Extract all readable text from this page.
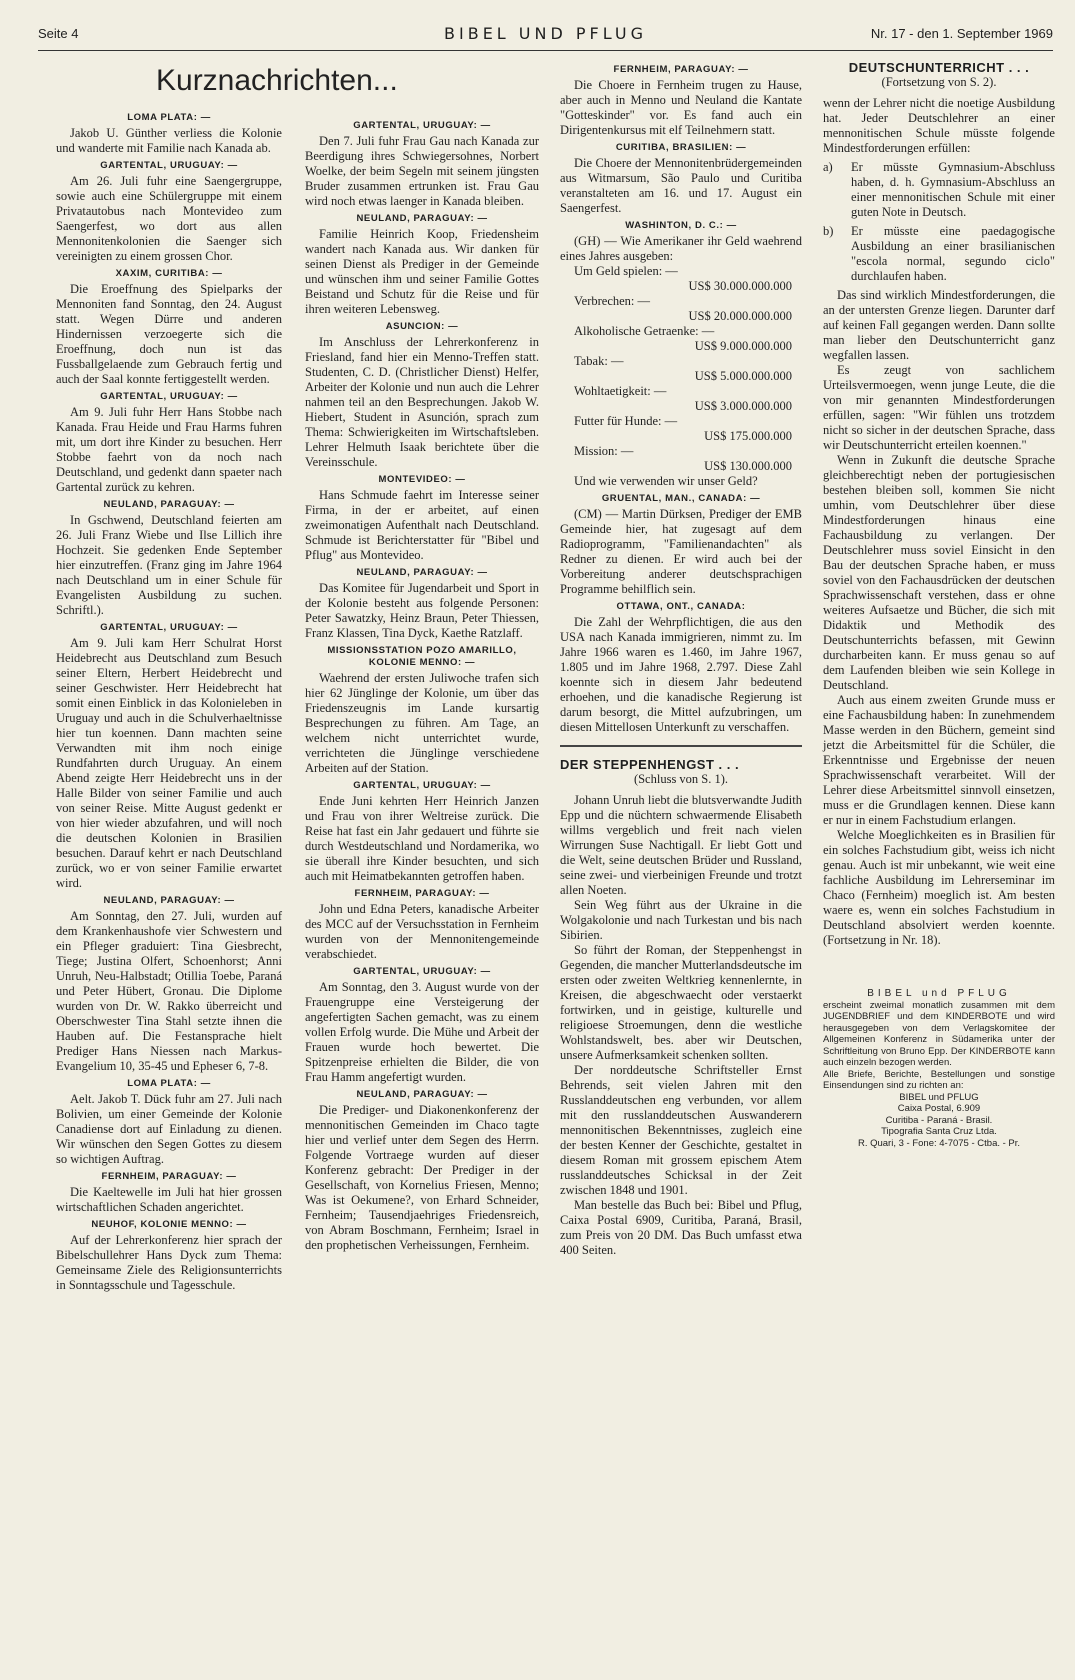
Seite 4	BIBEL UND PFLUG	Nr. 17 - den 1. September 1969
Kurznachrichten...
LOMA PLATA: —

Jakob U. Günther verliess die Kolonie und wanderte mit Familie nach Kanada ab.

GARTENTAL, URUGUAY: —

Am 26. Juli fuhr eine Saengergruppe, sowie auch eine Schülergruppe mit einem Privatautobus nach Montevideo zum Saengerfest, wo dort aus allen Mennonitenkolonien die Saenger sich vereinigten zu einem grossen Chor.

XAXIM, CURITIBA: —

Die Eroeffnung des Spielparks der Mennoniten fand Sonntag, den 24. August statt. Wegen Dürre und anderen Hindernissen verzoegerte sich die Eroeffnung, doch nun ist das Fussballgelaende zum Gebrauch fertig und auch der Saal konnte fertiggestellt werden.

GARTENTAL, URUGUAY: —

Am 9. Juli fuhr Herr Hans Stobbe nach Kanada. Frau Heide und Frau Harms fuhren mit, um dort ihre Kinder zu besuchen. Herr Stobbe faehrt von da noch nach Deutschland, und gedenkt dann spaeter nach Gartental zurück zu kehren.

NEULAND, PARAGUAY: —

In Gschwend, Deutschland feierten am 26. Juli Franz Wiebe und Ilse Lillich ihre Hochzeit. Sie gedenken Ende September hier einzutreffen. (Franz ging im Jahre 1964 nach Deutschland um in einer Schule für Evangelisten Ausbildung zu suchen. Schriftl.).

GARTENTAL, URUGUAY: —

Am 9. Juli kam Herr Schulrat Horst Heidebrecht aus Deutschland zum Besuch seiner Eltern, Herbert Heidebrecht und seiner Geschwister. Herr Heidebrecht hat somit einen Einblick in das Kolonieleben in Uruguay und auch in die Schulverhaeltnisse hier tun koennen. Dann machten seine Verwandten mit ihm noch einige Rundfahrten durch Uruguay. An einem Abend zeigte Herr Heidebrecht uns in der Halle Bilder von seiner Familie und auch von seiner Reise. Mitte August gedenkt er von hier wieder abzufahren, und will noch die deutschen Kolonien in Brasilien besuchen. Darauf kehrt er nach Deutschland zurück, wo er von seiner Familie erwartet wird.

NEULAND, PARAGUAY: —

Am Sonntag, den 27. Juli, wurden auf dem Krankenhaushofe vier Schwestern und ein Pfleger graduiert: Tina Giesbrecht, Tiege; Justina Olfert, Schoenhorst; Anni Unruh, Neu-Halbstadt; Otillia Toebe, Paraná und Peter Hübert, Gronau. Die Diplome wurden von Dr. W. Rakko überreicht und Oberschwester Tina Stahl setzte ihnen die Hauben auf. Die Festansprache hielt Prediger Hans Niessen nach Markus-Evangelium 10, 35-45 und Epheser 6, 7-8.

LOMA PLATA: —

Aelt. Jakob T. Dück fuhr am 27. Juli nach Bolivien, um einer Gemeinde der Kolonie Canadiense dort auf Einladung zu dienen. Wir wünschen den Segen Gottes zu diesem so wichtigen Auftrag.

FERNHEIM, PARAGUAY: —

Die Kaeltewelle im Juli hat hier grossen wirtschaftlichen Schaden angerichtet.

NEUHOF, KOLONIE MENNO: —

Auf der Lehrerkonferenz hier sprach der Bibelschullehrer Hans Dyck zum Thema: Gemeinsame Ziele des Religionsunterrichts in Sonntagsschule und Tagesschule.

GARTENTAL, URUGUAY: —

Den 7. Juli fuhr Frau Gau nach Kanada zur Beerdigung ihres Schwiegersohnes, Norbert Woelke, der beim Segeln mit seinem jüngsten Bruder zusammen ertrunken ist. Frau Gau wird noch etwas laenger in Kanada bleiben.

NEULAND, PARAGUAY: —

Familie Heinrich Koop, Friedensheim wandert nach Kanada aus. Wir danken für seinen Dienst als Prediger in der Gemeinde und wünschen ihm und seiner Familie Gottes Beistand und Schutz für die Reise und für ihren weiteren Lebensweg.

ASUNCION: —

Im Anschluss der Lehrerkonferenz in Friesland, fand hier ein Menno-Treffen statt. Studenten, C. D. (Christlicher Dienst) Helfer, Arbeiter der Kolonie und nun auch die Lehrer nahmen teil an den Besprechungen. Jakob W. Hiebert, Student in Asunción, sprach zum Thema: Schwierigkeiten im Wirtschaftsleben. Lehrer Helmuth Isaak berichtete über die Vereinsschule.

MONTEVIDEO: —

Hans Schmude faehrt im Interesse seiner Firma, in der er arbeitet, auf einen zweimonatigen Aufenthalt nach Deutschland. Schmude ist Berichterstatter für "Bibel und Pflug" aus Montevideo.

NEULAND, PARAGUAY: —

Das Komitee für Jugendarbeit und Sport in der Kolonie besteht aus folgende Personen: Peter Sawatzky, Heinz Braun, Peter Thiessen, Franz Klassen, Tina Dyck, Kaethe Ratzlaff.

MISSIONSSTATION POZO AMARILLO, KOLONIE MENNO: —

Waehrend der ersten Juliwoche trafen sich hier 62 Jünglinge der Kolonie, um über das Friedenszeugnis im Lande kursartig Besprechungen zu führen. Am Tage, an welchem nicht unterrichtet wurde, verrichteten die Jünglinge verschiedene Arbeiten auf der Station.

GARTENTAL, URUGUAY: —

Ende Juni kehrten Herr Heinrich Janzen und Frau von ihrer Weltreise zurück. Die Reise hat fast ein Jahr gedauert und führte sie durch Westdeutschland und Nordamerika, wo sie überall ihre Kinder besuchten, und sich auch mit Heimatbekannten getroffen haben.

FERNHEIM, PARAGUAY: —

John und Edna Peters, kanadische Arbeiter des MCC auf der Versuchsstation in Fernheim wurden von der Mennonitengemeinde verabschiedet.

GARTENTAL, URUGUAY: —

Am Sonntag, den 3. August wurde von der Frauengruppe eine Versteigerung der angefertigten Sachen gemacht, was zu einem vollen Erfolg wurde. Die Mühe und Arbeit der Frauen wurde hoch bewertet. Die Spitzenpreise erhielten die Bilder, die von Frau Hamm angefertigt wurden.

NEULAND, PARAGUAY: —

Die Prediger- und Diakonenkonferenz der mennonitischen Gemeinden im Chaco tagte hier und verlief unter dem Segen des Herrn. Folgende Vortraege wurden auf dieser Konferenz gebracht: Der Prediger in der Gesellschaft, von Kornelius Friesen, Menno; Was ist Oekumene?, von Erhard Schneider, Fernheim; Tausendjaehriges Friedensreich, von Abram Boschmann, Fernheim; Israel in den prophetischen Verheissungen, Fernheim.

FERNHEIM, PARAGUAY: —

Die Choere in Fernheim trugen zu Hause, aber auch in Menno und Neuland die Kantate "Gotteskinder" vor. Es fand auch ein Dirigentenkursus mit elf Teilnehmern statt.

CURITIBA, BRASILIEN: —

Die Choere der Mennonitenbrüdergemeinden aus Witmarsum, São Paulo und Curitiba veranstalteten am 16. und 17. August ein Saengerfest.

WASHINTON, D. C.: —

(GH) — Wie Amerikaner ihr Geld waehrend eines Jahres ausgeben:

Um Geld spielen: —
US$ 30.000.000.000
Verbrechen: —
US$ 20.000.000.000
Alkoholische Getraenke: —
US$ 9.000.000.000
Tabak: —
US$ 5.000.000.000
Wohltaetigkeit: —
US$ 3.000.000.000
Futter für Hunde: —
US$ 175.000.000
Mission: —
US$ 130.000.000

Und wie verwenden wir unser Geld?

GRUENTAL, MAN., CANADA: —

(CM) — Martin Dürksen, Prediger der EMB Gemeinde hier, hat zugesagt auf dem Radioprogramm, "Familienandachten" als Redner zu dienen. Er wird auch bei der Vorbereitung anderer deutschsprachigen Programme behilflich sein.

OTTAWA, ONT., CANADA:

Die Zahl der Wehrpflichtigen, die aus den USA nach Kanada immigrieren, nimmt zu. Im Jahre 1966 waren es 1.460, im Jahre 1967, 1.805 und im Jahre 1968, 2.797. Diese Zahl koennte sich in diesem Jahr bedeutend erhoehen, und die kanadische Regierung ist darum besorgt, die Mittel aufzubringen, um diesen Mittellosen Unterkunft zu verschaffen.

DER STEPPENHENGST . . .
(Schluss von S. 1).

Johann Unruh liebt die blutsverwandte Judith Epp und die nüchtern schwaermende Elisabeth willms vergeblich und freit nach vielen Wirrungen Suse Nachtigall. Er liebt Gott und die Welt, seine deutschen Brüder und Russland, seine zwei- und vierbeinigen Freunde und trotzt allen Noeten.

Sein Weg führt aus der Ukraine in die Wolgakolonie und nach Turkestan und bis nach Sibirien.

So führt der Roman, der Steppenhengst in Gegenden, die mancher Mutterlandsdeutsche im ersten oder zweiten Weltkrieg kennenlernte, in Kreisen, die abgeschwaecht oder verstaerkt fortwirken, und in geistige, kulturelle und religioese Stroemungen, denn die westliche Wohlstandswelt, bes. aber wir Deutschen, unsere Aufmerksamkeit schenken sollten.

Der norddeutsche Schriftsteller Ernst Behrends, seit vielen Jahren mit den Russlanddeutschen eng verbunden, vor allem mit den russlanddeutschen Auswanderern mennonitischen Bekenntnisses, zugleich eine der besten Kenner der Geschichte, gestaltet in diesem Roman mit grossem epischem Atem russlanddeutsches Schicksal in der Zeit zwischen 1848 und 1901.

Man bestelle das Buch bei: Bibel und Pflug, Caixa Postal 6909, Curitiba, Paraná, Brasil, zum Preis von 20 DM. Das Buch umfasst etwa 400 Seiten.

DEUTSCHUNTERRICHT . . .
(Fortsetzung von S. 2).

wenn der Lehrer nicht die noetige Ausbildung hat. Jeder Deutschlehrer an einer mennonitischen Schule müsste folgende Mindestforderungen erfüllen:

a)	Er müsste Gymnasium-Abschluss haben, d. h. Gymnasium-Abschluss an einer mennonitischen Schule mit einer guten Note in Deutsch.
b)	Er müsste eine paedagogische Ausbildung an einer brasilianischen "escola normal, segundo ciclo" durchlaufen haben.

Das sind wirklich Mindestforderungen, die an der untersten Grenze liegen. Darunter darf auf keinen Fall gegangen werden. Dann sollte man lieber den Deutschunterricht ganz wegfallen lassen.

Es zeugt von sachlichem Urteilsvermoegen, wenn junge Leute, die die von mir genannten Mindestforderungen erfüllen, sagen: "Wir fühlen uns trotzdem nicht so sicher in der deutschen Sprache, dass wir Deutschunterricht erteilen koennen."

Wenn in Zukunft die deutsche Sprache gleichberechtigt neben der portugiesischen bestehen bleiben soll, kommen Sie nicht umhin, vom Deutschlehrer über diese Mindestforderungen hinaus eine Fachausbildung zu verlangen. Der Deutschlehrer muss soviel Einsicht in den Bau der deutschen Sprache haben, er muss soviel von den Fachausdrücken der deutschen Sprachwissenschaft verstehen, dass er ohne weiteres Aufsaetze und Bücher, die sich mit Didaktik und Methodik des Deutschunterrichts befassen, mit Gewinn durcharbeiten kann. Er muss genau so auf dem Laufenden bleiben wie sein Kollege in Deutschland.

Auch aus einem zweiten Grunde muss er eine Fachausbildung haben: In zunehmendem Masse werden in den Büchern, gemeint sind jetzt die Arbeitsmittel für die Schüler, die Erkenntnisse und Ergebnisse der neuen Sprachwissenschaft verarbeitet. Will der Lehrer diese Arbeitsmittel sinnvoll einsetzen, muss er die Grundlagen kennen. Diese kann er nur in einem Fachstudium erlangen.

Welche Moeglichkeiten es in Brasilien für ein solches Fachstudium gibt, weiss ich nicht genau. Auch ist mir unbekannt, wie weit eine fachliche Ausbildung im Lehrerseminar im Chaco (Fernheim) moeglich ist. Am besten waere es, wenn ein solches Fachstudium in Deutschland absolviert werden koennte. (Fortsetzung in Nr. 18).

BIBEL und PFLUG

erscheint zweimal monatlich zusammen mit dem JUGENDBRIEF und dem KINDERBOTE und wird herausgegeben von dem Verlagskomitee der Allgemeinen Konferenz in Südamerika unter der Schriftleitung von Bruno Epp. Der KINDERBOTE kann auch einzeln bezogen werden.

Alle Briefe, Berichte, Bestellungen und sonstige Einsendungen sind zu richten an:

BIBEL und PFLUG
Caixa Postal, 6.909
Curitiba - Paraná - Brasil.
Tipografia Santa Cruz Ltda.
R. Quari, 3 - Fone: 4-7075 - Ctba. - Pr.
